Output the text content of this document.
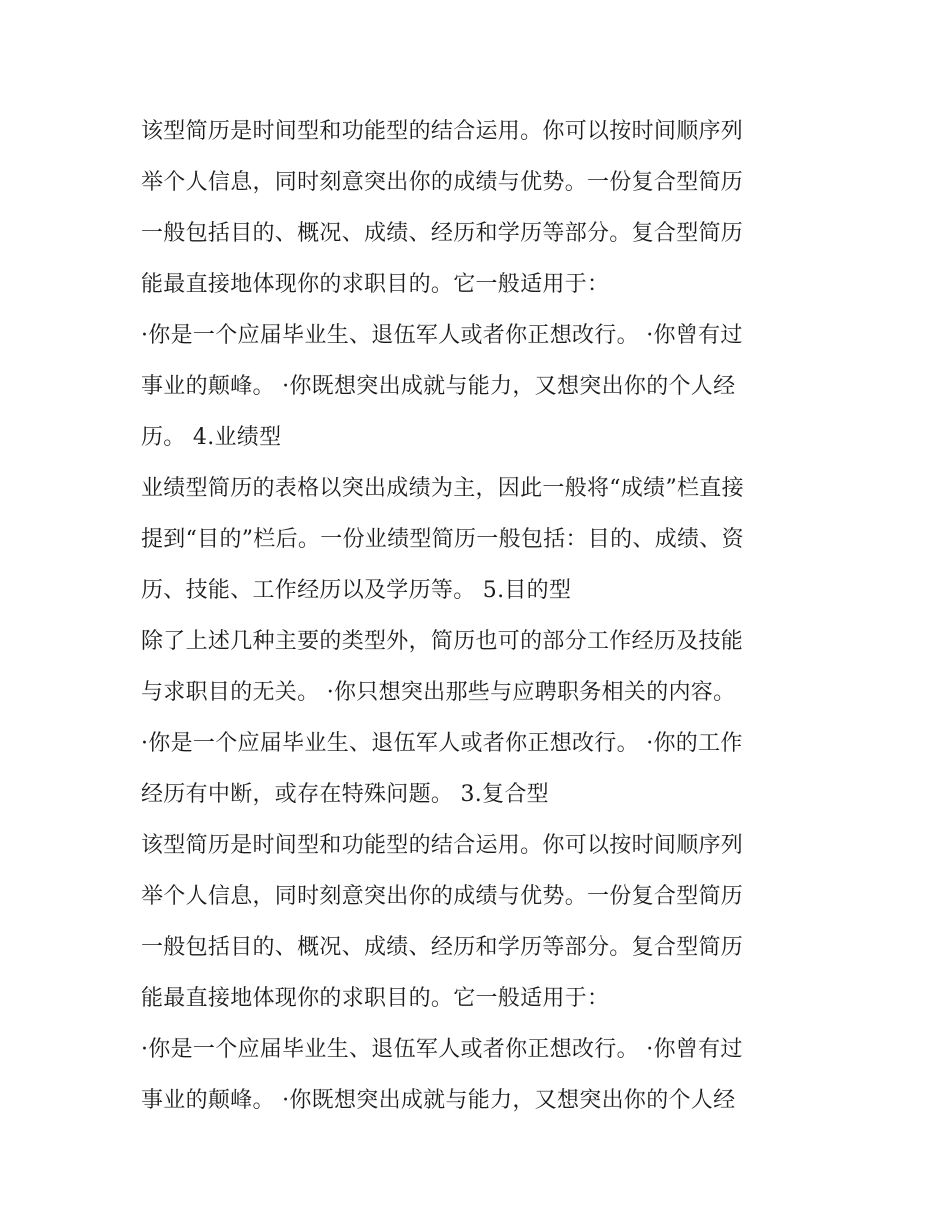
该型简历是时间型和功能型的结合运用。你可以按时间顺序列
举个人信息，同时刻意突出你的成绩与优势。一份复合型简历
一般包括目的、概况、成绩、经历和学历等部分。复合型简历
能最直接地体现你的求职目的。它一般适用于：
·你是一个应届毕业生、退伍军人或者你正想改行。 ·你曾有过
事业的颠峰。 ·你既想突出成就与能力，又想突出你的个人经
历。 4.业绩型
业绩型简历的表格以突出成绩为主，因此一般将“成绩”栏直接
提到“目的”栏后。一份业绩型简历一般包括：目的、成绩、资
历、技能、工作经历以及学历等。 5.目的型
除了上述几种主要的类型外，简历也可的部分工作经历及技能
与求职目的无关。 ·你只想突出那些与应聘职务相关的内容。
·你是一个应届毕业生、退伍军人或者你正想改行。 ·你的工作
经历有中断，或存在特殊问题。 3.复合型
该型简历是时间型和功能型的结合运用。你可以按时间顺序列
举个人信息，同时刻意突出你的成绩与优势。一份复合型简历
一般包括目的、概况、成绩、经历和学历等部分。复合型简历
能最直接地体现你的求职目的。它一般适用于：
·你是一个应届毕业生、退伍军人或者你正想改行。 ·你曾有过
事业的颠峰。 ·你既想突出成就与能力，又想突出你的个人经
